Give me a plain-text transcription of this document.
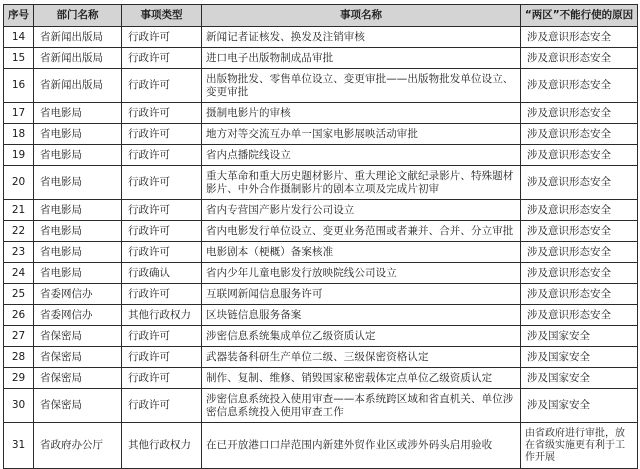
序号	部门名称	事项类型	事项名称	“两区”不能行使的原因
14	省新闻出版局	行政许可	新闻记者证核发、换发及注销审核	涉及意识形态安全
15	省新闻出版局	行政许可	进口电子出版物制成品审批	涉及意识形态安全
16	省新闻出版局	行政许可	出版物批发、零售单位设立、变更审批——出版物批发单位设立、变更审批	涉及意识形态安全
17	省电影局	行政许可	摄制电影片的审核	涉及意识形态安全
18	省电影局	行政许可	地方对等交流互办单一国家电影展映活动审批	涉及意识形态安全
19	省电影局	行政许可	省内点播院线设立	涉及意识形态安全
20	省电影局	行政许可	重大革命和重大历史题材影片、重大理论文献纪录影片、特殊题材影片、中外合作摄制影片的剧本立项及完成片初审	涉及意识形态安全
21	省电影局	行政许可	省内专营国产影片发行公司设立	涉及意识形态安全
22	省电影局	行政许可	省内电影发行单位设立、变更业务范围或者兼并、合并、分立审批	涉及意识形态安全
23	省电影局	行政许可	电影剧本（梗概）备案核准	涉及意识形态安全
24	省电影局	行政确认	省内少年儿童电影发行放映院线公司设立	涉及意识形态安全
25	省委网信办	行政许可	互联网新闻信息服务许可	涉及意识形态安全
26	省委网信办	其他行政权力	区块链信息服务备案	涉及意识形态安全
27	省保密局	行政许可	涉密信息系统集成单位乙级资质认定	涉及国家安全
28	省保密局	行政许可	武器装备科研生产单位二级、三级保密资格认定	涉及国家安全
29	省保密局	行政许可	制作、复制、维修、销毁国家秘密载体定点单位乙级资质认定	涉及国家安全
30	省保密局	行政许可	涉密信息系统投入使用审查——本系统跨区域和省直机关、单位涉密信息系统投入使用审查工作	涉及国家安全
31	省政府办公厅	其他行政权力	在已开放港口口岸范围内新建外贸作业区或涉外码头启用验收	由省政府进行审批，放在省级实施更有利于工作开展
